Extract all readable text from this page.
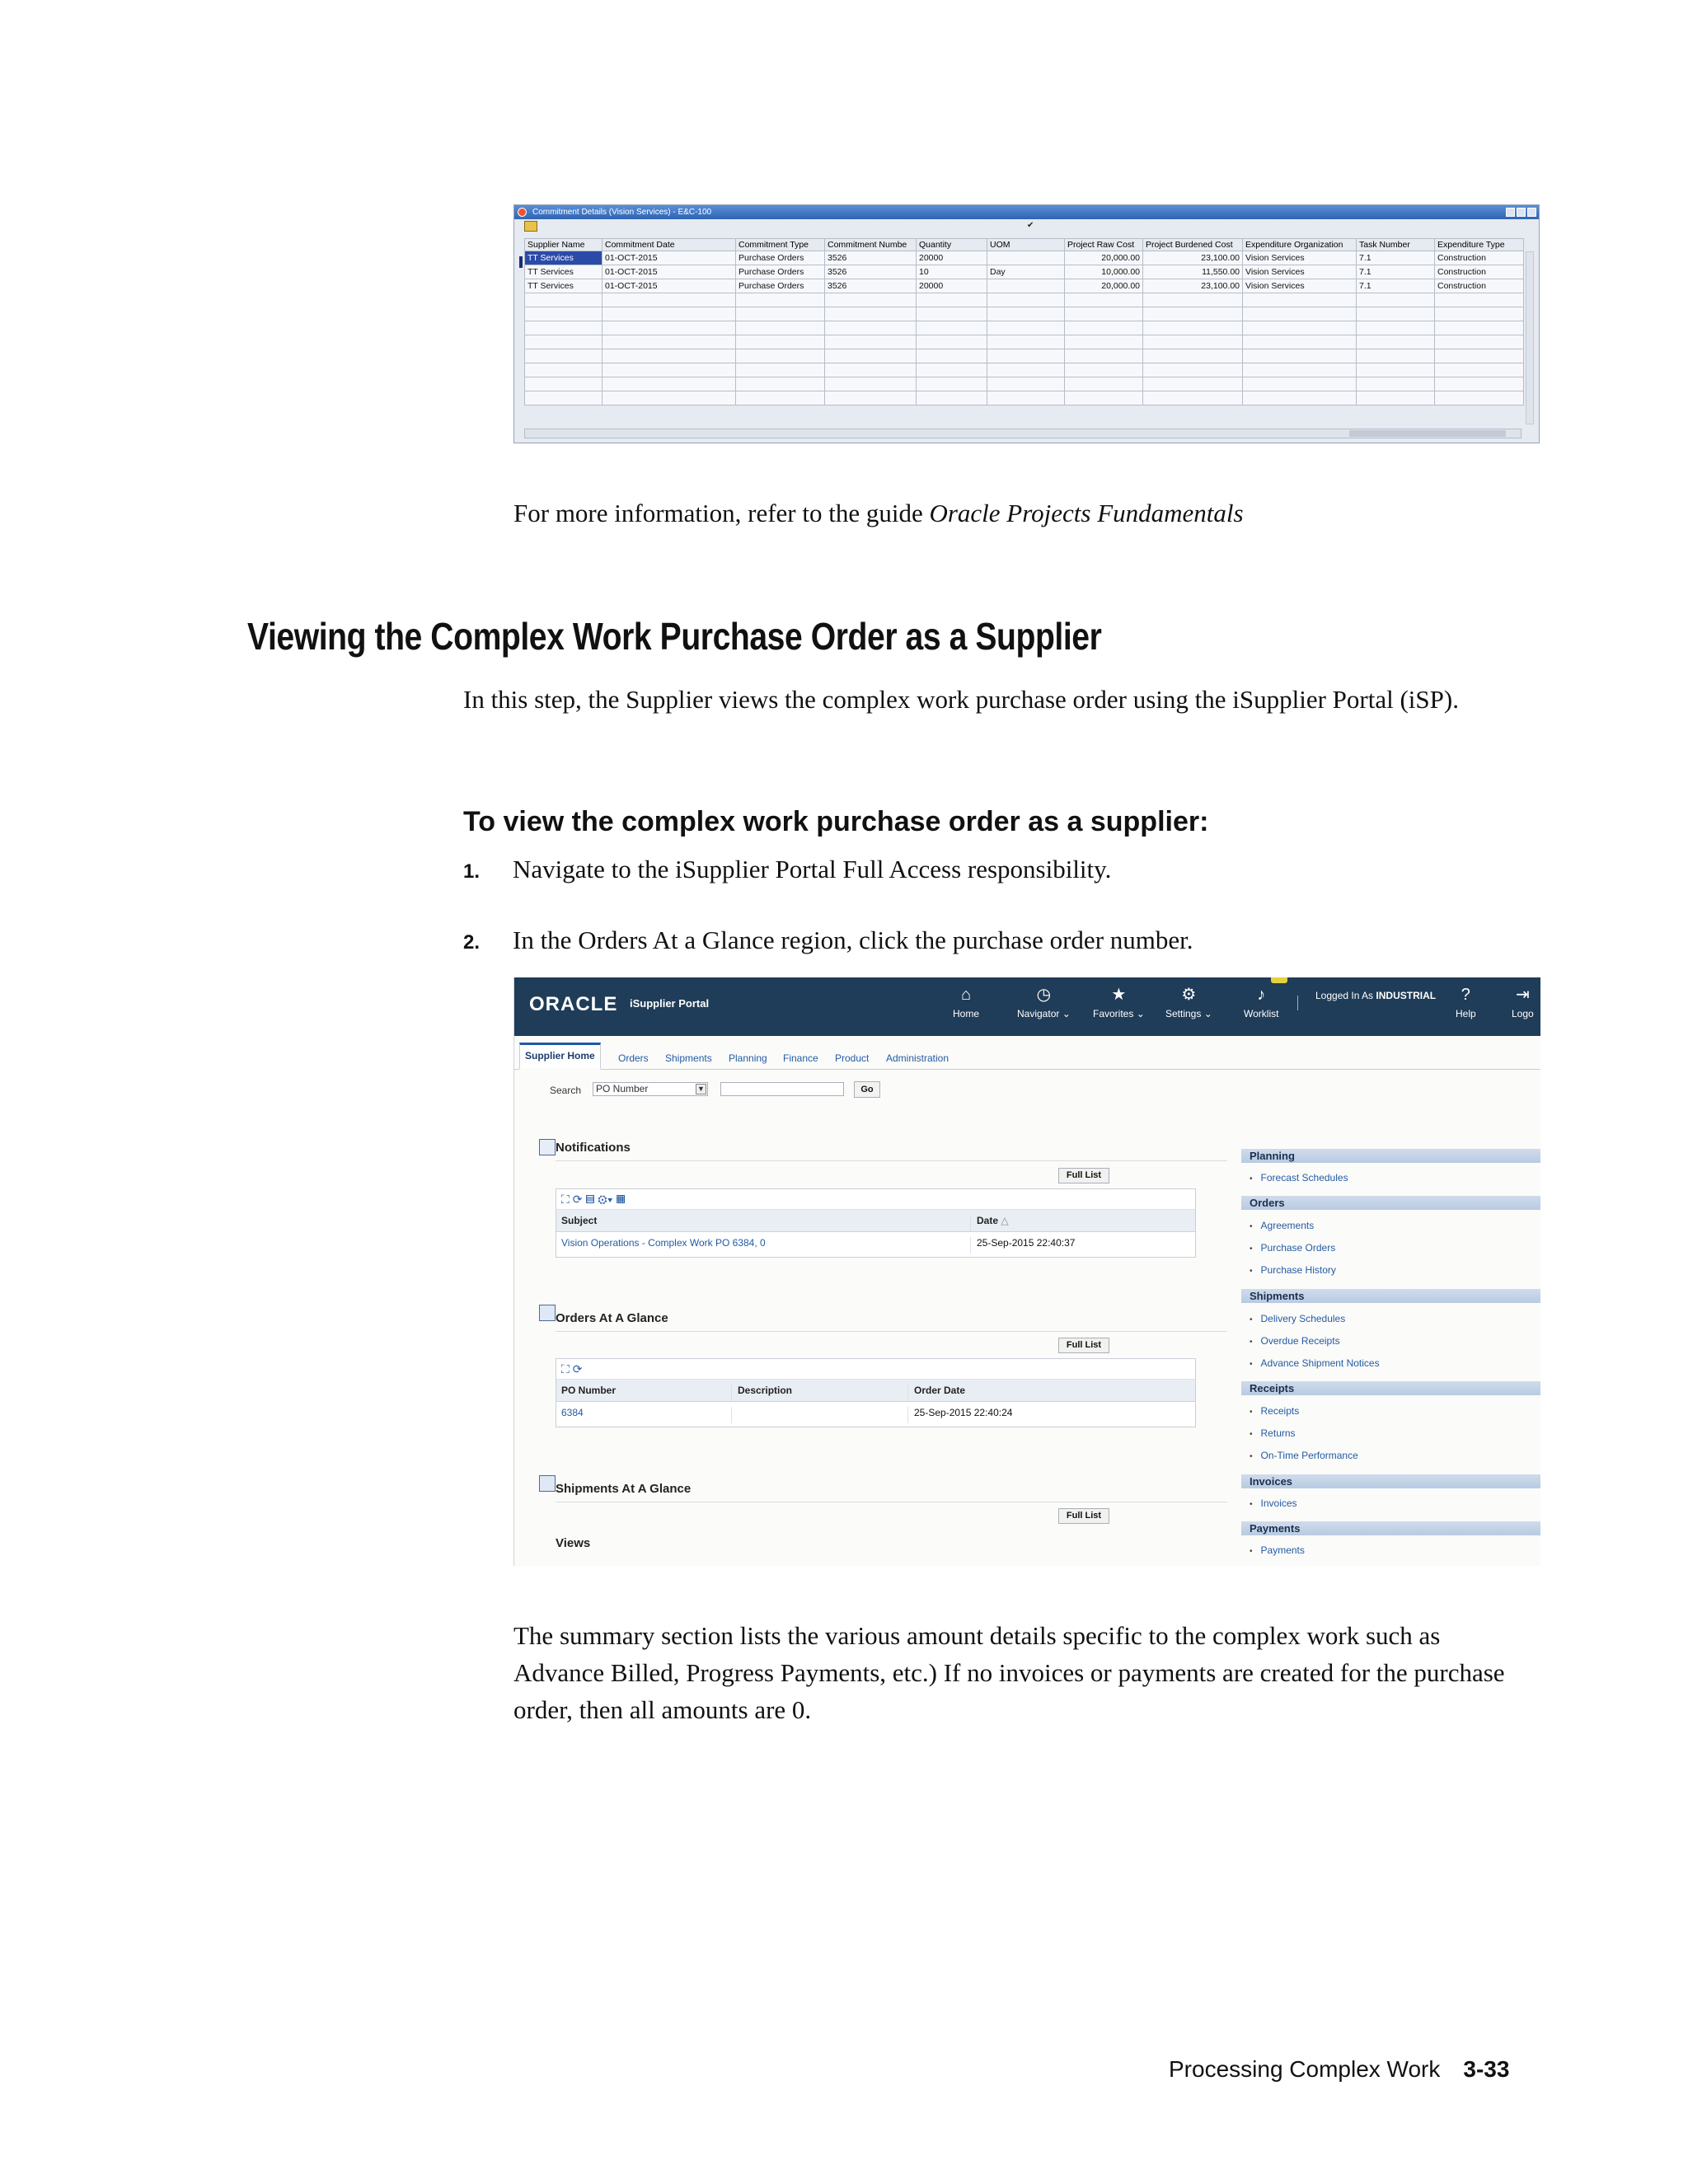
Commitment Details (Vision Services) - E&C-100
✔
Supplier Name	Commitment Date	Commitment Type	Commitment Numbe	Quantity	UOM	Project Raw Cost	Project Burdened Cost	Expenditure Organization	Task Number	Expenditure Type
TT Services	01-OCT-2015	Purchase Orders	3526	20000		20,000.00	23,100.00	Vision Services	7.1	Construction
TT Services	01-OCT-2015	Purchase Orders	3526	10	Day	10,000.00	11,550.00	Vision Services	7.1	Construction
TT Services	01-OCT-2015	Purchase Orders	3526	20000		20,000.00	23,100.00	Vision Services	7.1	Construction

For more information, refer to the guide Oracle Projects Fundamentals

Viewing the Complex Work Purchase Order as a Supplier

In this step, the Supplier views the complex work purchase order using the iSupplier Portal (iSP).

To view the complex work purchase order as a supplier:
1. Navigate to the iSupplier Portal Full Access responsibility.
2. In the Orders At a Glance region, click the purchase order number.
ORACLE iSupplier Portal	⌂
Home
◷
Navigator ⌄
★
Favorites ⌄
⚙
Settings ⌄
♪
Worklist
Logged In As INDUSTRIAL	?
Help
⇥
Logo
Supplier Home	Orders Shipments Planning Finance Product Administration
Search	PO Number	▼	Go
Notifications
Full List
⛶ ⟳ ▤ ⚙▾ ▦
Subject	Date △
Vision Operations - Complex Work PO 6384, 0	25-Sep-2015 22:40:37
Orders At A Glance
Full List
⛶ ⟳
PO Number	Description	Order Date
6384	25-Sep-2015 22:40:24
Shipments At A Glance
Full List
Views
Planning
• Forecast Schedules
Orders
• Agreements
• Purchase Orders
• Purchase History
Shipments
• Delivery Schedules
• Overdue Receipts
• Advance Shipment Notices
Receipts
• Receipts
• Returns
• On-Time Performance
Invoices
• Invoices
Payments
• Payments

The summary section lists the various amount details specific to the complex work such as Advance Billed, Progress Payments, etc.) If no invoices or payments are created for the purchase order, then all amounts are 0.

Processing Complex Work 3-33
